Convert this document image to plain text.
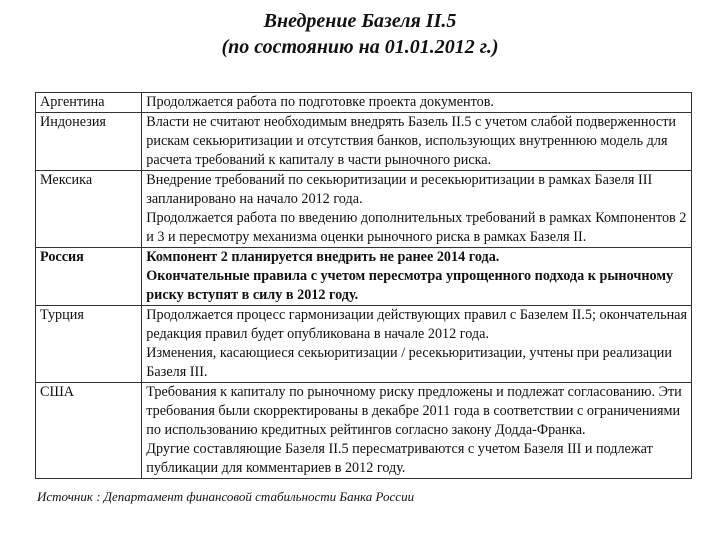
Внедрение Базеля II.5
(по состоянию на 01.01.2012 г.)
Аргентина	Продолжается работа по подготовке проекта документов.

Индонезия	Власти не считают необходимым внедрять Базель II.5 с учетом слабой подверженности
рискам секьюритизации и отсутствия банков, использующих внутреннюю модель для
расчета требований к капиталу в части рыночного риска.

Мексика	Внедрение требований по секьюритизации и ресекьюритизации в рамках Базеля III
запланировано на начало 2012 года.
Продолжается работа по введению дополнительных требований в рамках Компонентов 2
и 3 и пересмотру механизма оценки рыночного риска в рамках Базеля II.

Россия	Компонент 2 планируется внедрить не ранее 2014 года.
Окончательные правила с учетом пересмотра упрощенного подхода к рыночному
риску вступят в силу в 2012 году.

Турция	Продолжается процесс гармонизации действующих правил с Базелем II.5; окончательная
редакция правил будет опубликована в начале 2012 года.
Изменения, касающиеся секьюритизации / ресекьюритизации, учтены при реализации
Базеля III.

США	Требования к капиталу по рыночному риску предложены и подлежат согласованию. Эти
требования были скорректированы в декабре 2011 года в соответствии с ограничениями
по использованию кредитных рейтингов согласно закону Додда-Франка.
Другие составляющие Базеля II.5 пересматриваются с учетом Базеля III и подлежат
публикации для комментариев в 2012 году.
Источник : Департамент финансовой стабильности Банка России
